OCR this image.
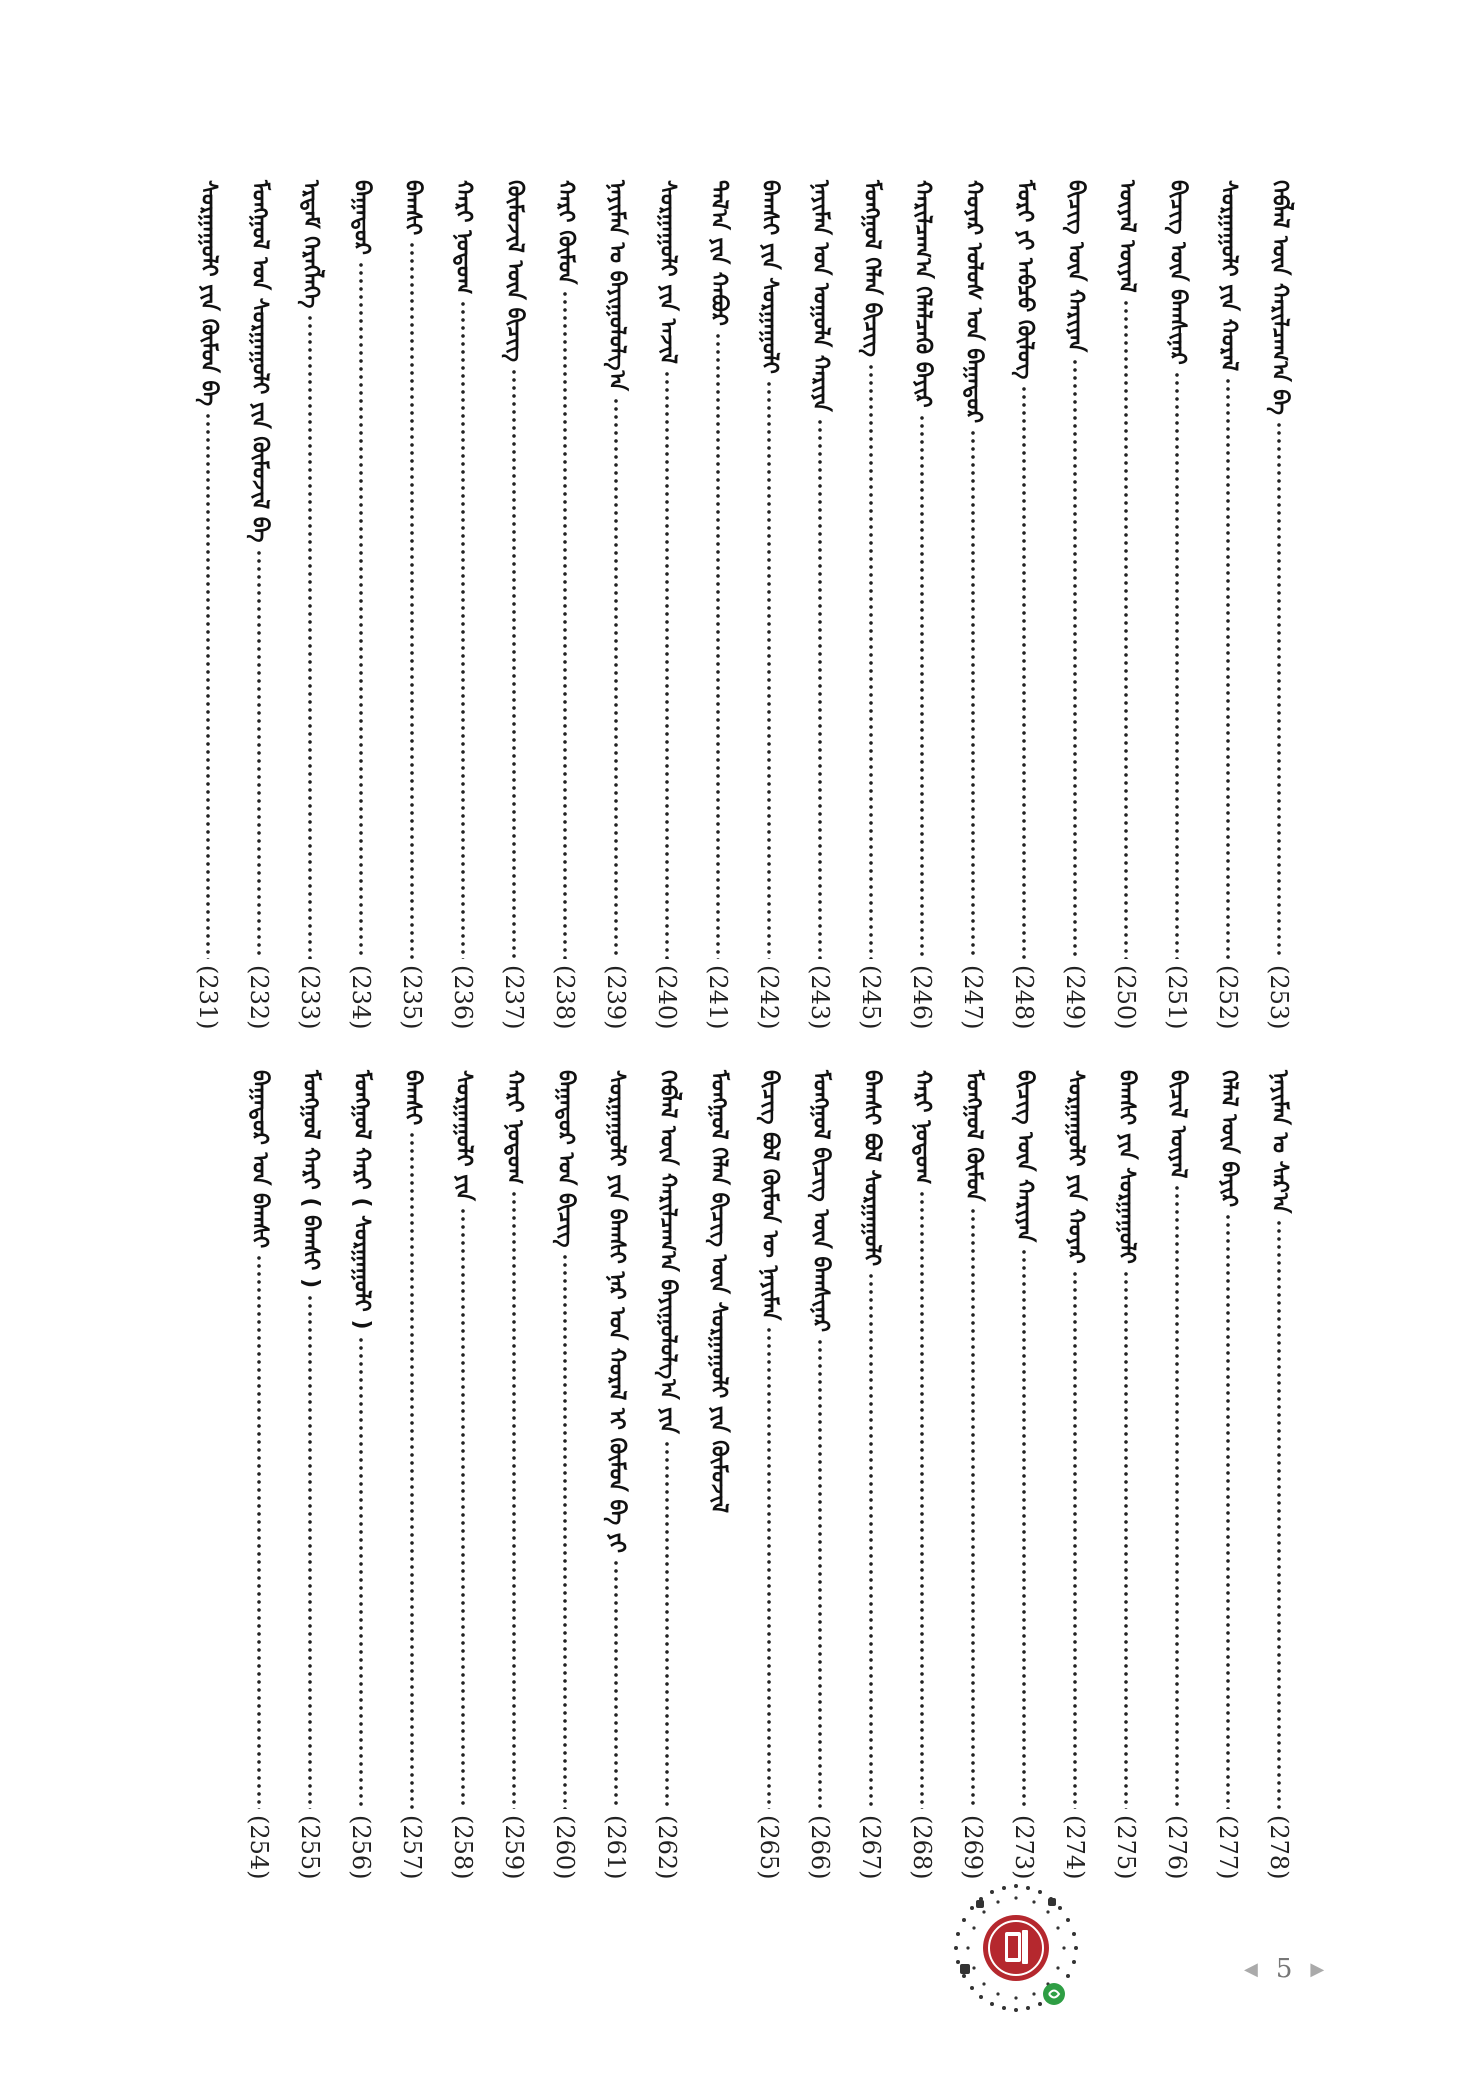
ᠬᠡᠪᠯᠡᠯ ᠦᠨ ᠬᠠᠷᠢᠯᠴᠠᠭ᠎ᠠ ᠪᠠ
(253)
ᠰᠣᠷᠭᠠᠭᠤᠯᠢ ᠶᠢᠨ ᠬᠤᠷᠠᠯ
(252)
ᠪᠢᠴᠢᠭ ᠦᠨ ᠪᠠᠭᠰᠢᠨᠠᠷ
(251)
ᠦᠶᠡᠯ ᠦᠶᠡᠯ
(250)
ᠪᠢᠴᠢᠭ ᠦᠨ ᠬᠠᠷᠢᠶᠠᠨ
(249)
ᠮᠣᠷᠢ ᠶᠢ ᠠᠪᠴᠤ ᠬᠦᠯᠦᠭ
(248)
ᠬᠣᠶᠠᠷ ᠤᠯᠤᠰ ᠤᠨ ᠪᠠᠭᠠᠲᠤᠷ
(247)
ᠬᠠᠷᠢᠯᠴᠠᠭ᠎ᠠ ᠬᠡᠯᠡᠯᠴᠡᠬᠦ ᠪᠠᠶᠢᠷ
(246)
ᠮᠣᠩᠭᠣᠯ ᠬᠡᠯᠡᠨ ᠪᠢᠴᠢᠭ
(245)
ᠨᠠᠶᠢᠮᠠᠨ ᠤᠨ ᠣᠭᠤᠯᠠ ᠬᠠᠷᠢᠶᠠ
(243)
ᠪᠠᠭᠰᠢ ᠶᠢᠨ ᠰᠤᠷᠭᠠᠭᠤᠯᠢ
(242)
ᠲᠠᠯ᠎ᠠ ᠶᠢᠨ ᠬᠠᠪᠤᠷ
(241)
ᠰᠤᠷᠭᠠᠭᠤᠯᠢ ᠶᠢᠨ ᠠᠵᠢᠯ
(240)
ᠨᠠᠶᠢᠮᠠᠨ ᠤ ᠪᠠᠶᠢᠭᠤᠯᠤᠯᠭ᠎ᠠ
(239)
ᠬᠠᠷᠢ ᠬᠦᠮᠦᠨ
(238)
ᠬᠦᠮᠦᠵᠢᠯ ᠦᠨ ᠪᠢᠴᠢᠭ
(237)
ᠬᠠᠷᠢ ᠨᠤᠲᠤᠭ
(236)
ᠪᠠᠭᠰᠢ
(235)
ᠪᠠᠭᠠᠲᠤᠷ
(234)
ᠡᠷᠳᠡᠮ ᠬᠡᠷᠡᠭᠯᠡᠭᠡ
(233)
ᠮᠣᠩᠭᠣᠯ ᠤᠨ ᠰᠤᠷᠭᠠᠭᠤᠯᠢ ᠶᠢᠨ ᠬᠦᠮᠦᠵᠢᠯ ᠪᠠ
(232)
ᠰᠤᠷᠭᠠᠭᠤᠯᠢ ᠶᠢᠨ ᠬᠦᠮᠦᠨ ᠪᠠ
(231)
ᠨᠠᠶᠢᠮᠠᠨ ᠤ ᠰᠠᠷ᠎ᠠ
(278)
ᠬᠡᠯᠡᠯ ᠦᠨ ᠪᠠᠶᠢᠷ
(277)
ᠪᠢᠴᠢᠯ ᠦᠶᠡᠯ
(276)
ᠪᠠᠭᠰᠢ ᠶᠢᠨ ᠰᠤᠷᠭᠠᠭᠤᠯᠢ
(275)
ᠰᠤᠷᠭᠠᠭᠤᠯᠢ ᠶᠢᠨ ᠬᠣᠶᠠᠷ
(274)
ᠪᠢᠴᠢᠭ ᠦᠨ ᠬᠠᠷᠢᠶᠠᠨ
(273)
ᠮᠣᠩᠭᠣᠯ ᠬᠦᠮᠦᠨ
(269)
ᠬᠠᠷᠢ ᠨᠤᠲᠤᠭ
(268)
ᠪᠠᠭᠰᠢ ᠪᠣᠯ ᠰᠤᠷᠭᠠᠭᠤᠯᠢ
(267)
ᠮᠣᠩᠭᠣᠯ ᠪᠢᠴᠢᠭ ᠦᠨ ᠪᠠᠭᠰᠢᠨᠠᠷ
(266)
ᠪᠢᠴᠢᠭ ᠪᠣᠯ ᠬᠦᠮᠦᠨ ᠦ ᠨᠠᠶᠢᠮᠠᠨ
(265)
ᠮᠣᠩᠭᠣᠯ ᠬᠡᠯᠡᠨ ᠪᠢᠴᠢᠭ ᠦᠨ ᠰᠤᠷᠭᠠᠭᠤᠯᠢ ᠶᠢᠨ ᠬᠦᠮᠦᠵᠢᠯ
ᠬᠡᠪᠯᠡᠯ ᠦᠨ ᠬᠠᠷᠢᠯᠴᠠᠭ᠎ᠠ ᠪᠠᠶᠢᠭᠤᠯᠤᠯᠭ᠎ᠠ ᠶᠢᠨ
(262)
ᠰᠤᠷᠭᠠᠭᠤᠯᠢ ᠶᠢᠨ ᠪᠠᠭᠰᠢ ᠨᠠᠷ ᠤᠨ ᠬᠤᠷᠠᠯ ᠢ ᠬᠦᠮᠦᠨ ᠪᠠ ᠶᠢ
(261)
ᠪᠠᠭᠠᠲᠤᠷ ᠤᠨ ᠪᠢᠴᠢᠭ
(260)
ᠬᠠᠷᠢ ᠨᠤᠲᠤᠭ
(259)
ᠰᠤᠷᠭᠠᠭᠤᠯᠢ ᠶᠢᠨ
(258)
ᠪᠠᠭᠰᠢ
(257)
ᠮᠣᠩᠭᠣᠯ ᠬᠠᠷᠢ ( ᠰᠤᠷᠭᠠᠭᠤᠯᠢ )
(256)
ᠮᠣᠩᠭᠣᠯ ᠬᠠᠷᠢ ( ᠪᠠᠭᠰᠢ )
(255)
ᠪᠠᠭᠠᠲᠤᠷ ᠤᠨ ᠪᠠᠭᠰᠢ
(254)
◀ 5 ▶
